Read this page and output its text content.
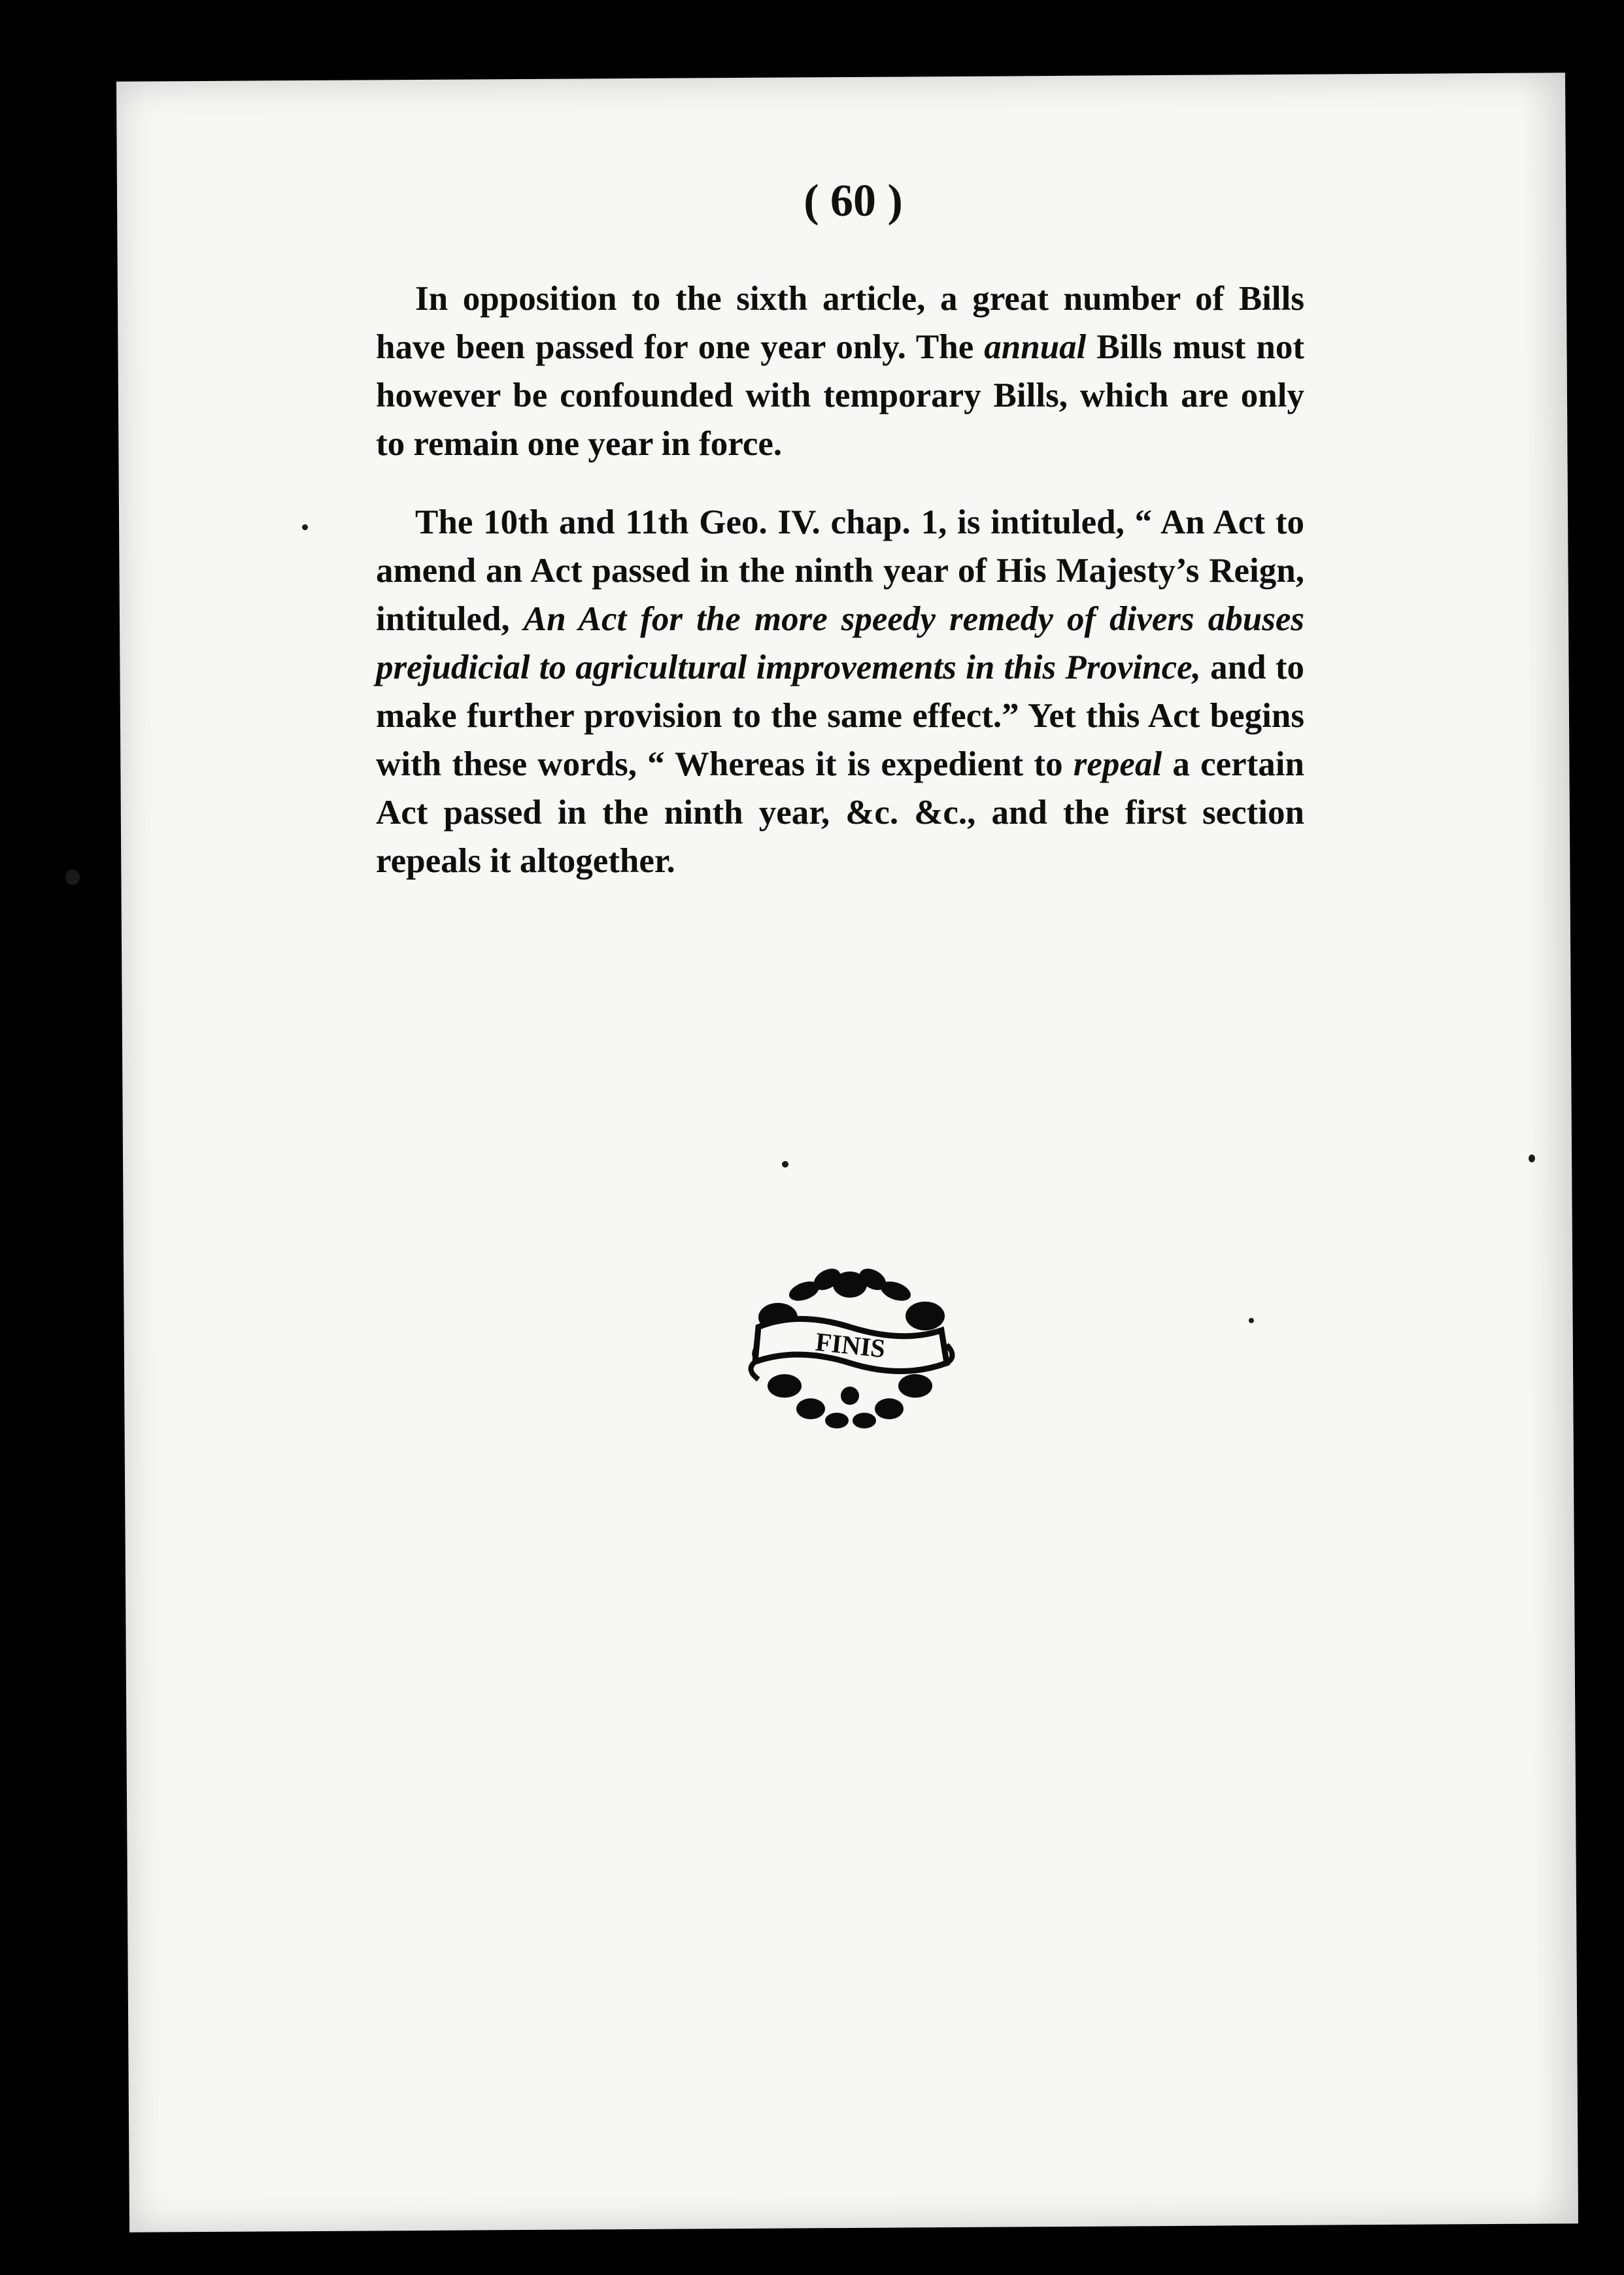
( 60 )

In opposition to the sixth article, a great number of Bills have been passed for one year only. The annual Bills must not however be confounded with temporary Bills, which are only to remain one year in force.

The 10th and 11th Geo. IV. chap. 1, is intituled, “ An Act to amend an Act passed in the ninth year of His Majesty’s Reign, intituled, An Act for the more speedy remedy of divers abuses prejudicial to agricultural improvements in this Province, and to make further provision to the same effect.” Yet this Act begins with these words, “ Whereas it is expedient to repeal a certain Act passed in the ninth year, &c. &c., and the first section repeals it altogether.

FINIS
